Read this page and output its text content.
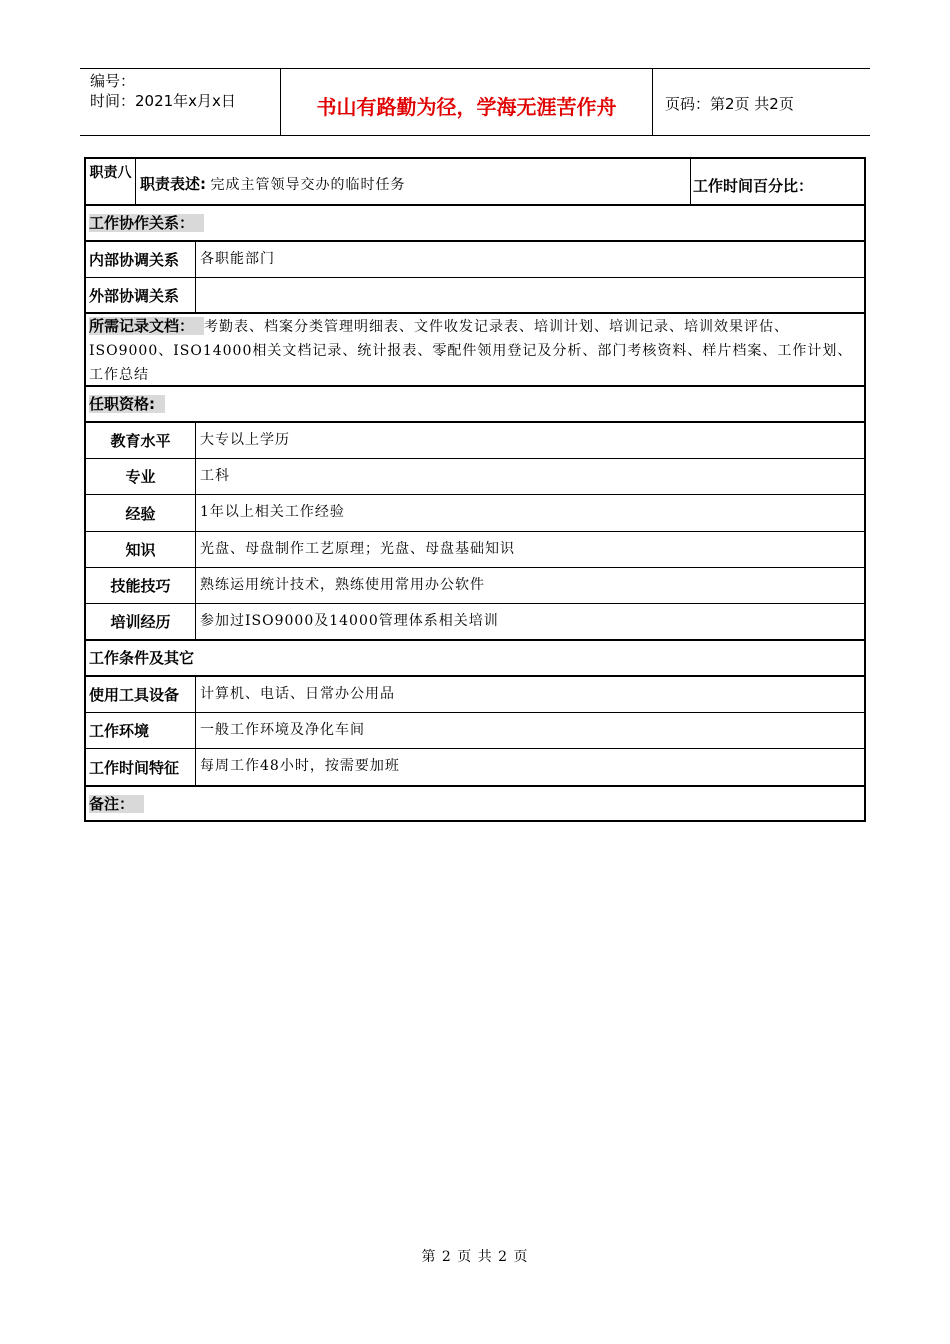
编号：
时间：2021年x月x日	书山有路勤为径，学海无涯苦作舟	页码：第2页 共2页
职责八
职责表述: 完成主管领导交办的临时任务	工作时间百分比：
工作协作关系：
内部协调关系	各职能部门
外部协调关系
所需记录文档： 考勤表、档案分类管理明细表、文件收发记录表、培训计划、培训记录、培训效果评估、ISO9000、ISO14000相关文档记录、统计报表、零配件领用登记及分析、部门考核资料、样片档案、工作计划、工作总结
任职资格:
教育水平	大专以上学历
专业	工科
经验	1年以上相关工作经验
知识	光盘、母盘制作工艺原理；光盘、母盘基础知识
技能技巧	熟练运用统计技术，熟练使用常用办公软件
培训经历	参加过ISO9000及14000管理体系相关培训
工作条件及其它
使用工具设备	计算机、电话、日常办公用品
工作环境	一般工作环境及净化车间
工作时间特征	每周工作48小时，按需要加班
备注：
第 2 页 共 2 页
